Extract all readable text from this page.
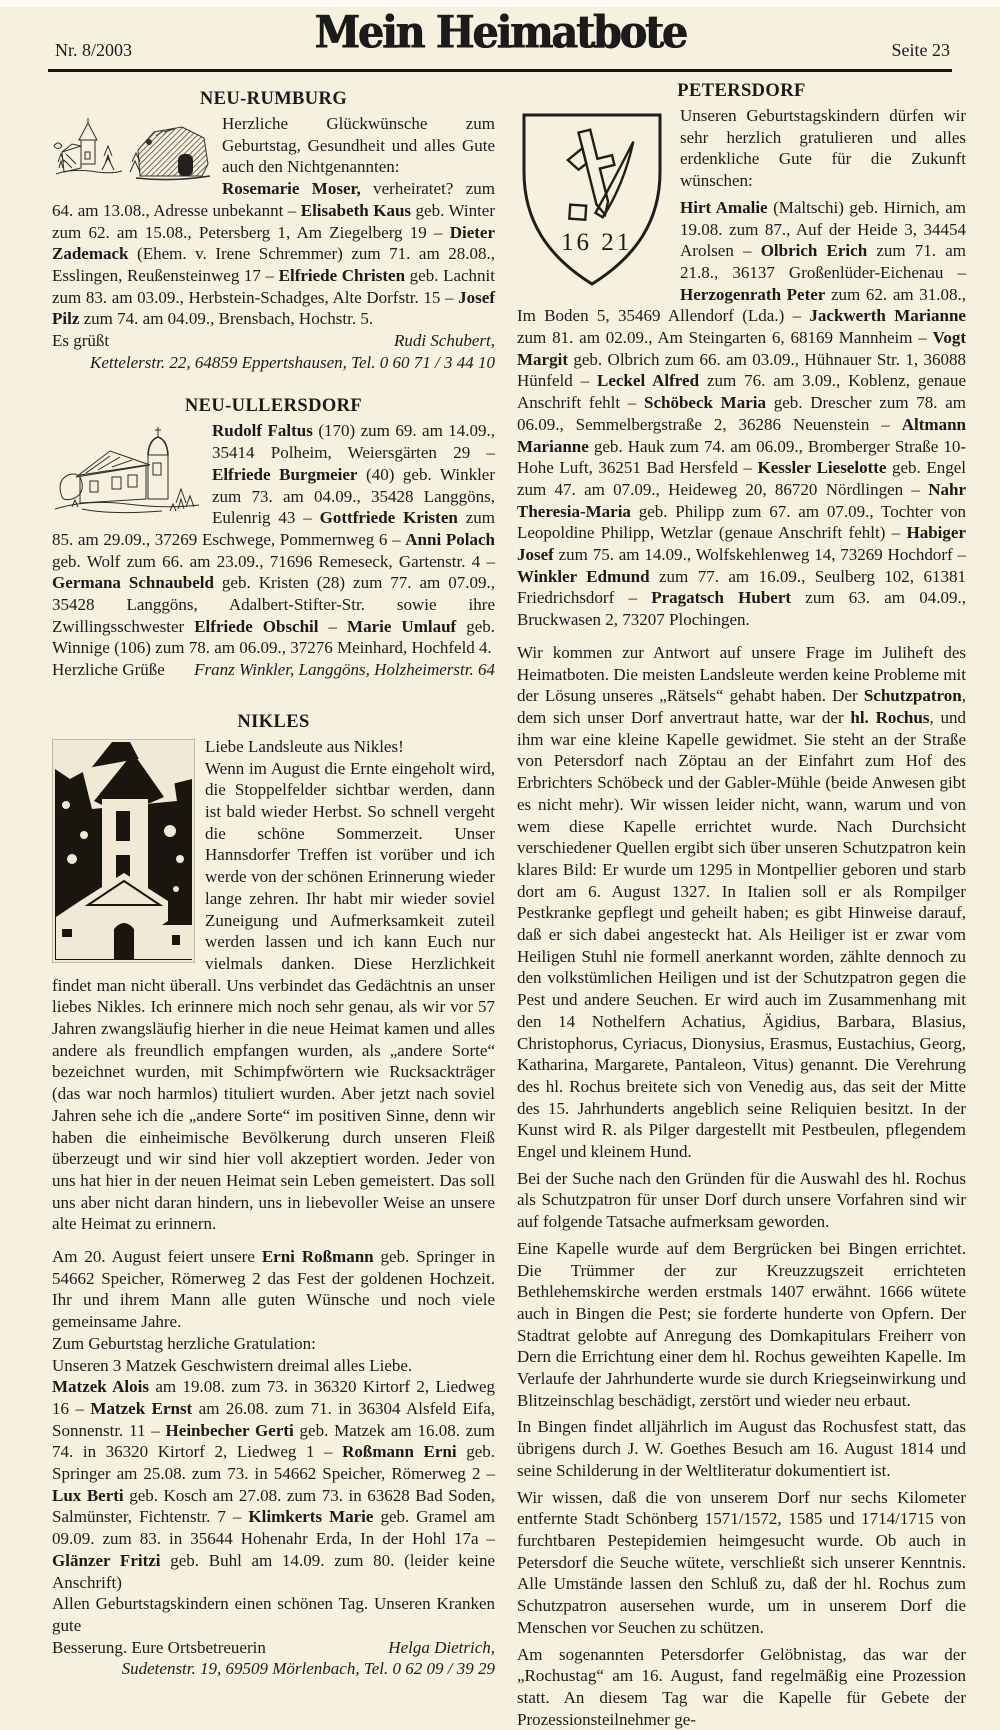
Nr. 8/2003	Mein Heimatbote	Seite 23
NEU-RUMBURG

Herzliche Glückwünsche zum Geburtstag, Gesundheit und alles Gute auch den Nichtgenannten:

Rosemarie Moser, verheiratet? zum 64. am 13.08., Adresse unbekannt – Elisabeth Kaus geb. Winter zum 62. am 15.08., Petersberg 1, Am Ziegelberg 19 – Dieter Zademack (Ehem. v. Irene Schremmer) zum 71. am 28.08., Esslingen, Reußensteinweg 17 – Elfriede Christen geb. Lachnit zum 83. am 03.09., Herbstein-Schadges, Alte Dorfstr. 15 – Josef Pilz zum 74. am 04.09., Brensbach, Hochstr. 5.

Es grüßt	Rudi Schubert,
Kettelerstr. 22, 64859 Eppertshausen, Tel. 0 60 71 / 3 44 10
NEU-ULLERSDORF

Rudolf Faltus (170) zum 69. am 14.09., 35414 Polheim, Weiersgärten 29 – Elfriede Burgmeier (40) geb. Winkler zum 73. am 04.09., 35428 Langgöns, Eulenrig 43 – Gottfriede Kristen zum 85. am 29.09., 37269 Eschwege, Pommernweg 6 – Anni Polach geb. Wolf zum 66. am 23.09., 71696 Remeseck, Gartenstr. 4 – Germana Schnaubeld geb. Kristen (28) zum 77. am 07.09., 35428 Langgöns, Adalbert-Stifter-Str. sowie ihre Zwillingsschwester Elfriede Obschil – Marie Umlauf geb. Winnige (106) zum 78. am 06.09., 37276 Meinhard, Hochfeld 4.

Herzliche Grüße Franz Winkler, Langgöns, Holzheimerstr. 64
NIKLES

Liebe Landsleute aus Nikles!

Wenn im August die Ernte eingeholt wird, die Stoppelfelder sichtbar werden, dann ist bald wieder Herbst. So schnell vergeht die schöne Sommerzeit. Unser Hannsdorfer Treffen ist vorüber und ich werde von der schönen Erinnerung wieder lange zehren. Ihr habt mir wieder soviel Zuneigung und Aufmerksamkeit zuteil werden lassen und ich kann Euch nur vielmals danken. Diese Herzlichkeit findet man nicht überall. Uns verbindet das Gedächtnis an unser liebes Nikles. Ich erinnere mich noch sehr genau, als wir vor 57 Jahren zwangsläufig hierher in die neue Heimat kamen und alles andere als freundlich empfangen wurden, als „andere Sorte“ bezeichnet wurden, mit Schimpfwörtern wie Rucksackträger (das war noch harmlos) tituliert wurden. Aber jetzt nach soviel Jahren sehe ich die „andere Sorte“ im positiven Sinne, denn wir haben die einheimische Bevölkerung durch unseren Fleiß überzeugt und wir sind hier voll akzeptiert worden. Jeder von uns hat hier in der neuen Heimat sein Leben gemeistert. Das soll uns aber nicht daran hindern, uns in liebevoller Weise an unsere alte Heimat zu erinnern.

Am 20. August feiert unsere Erni Roßmann geb. Springer in 54662 Speicher, Römerweg 2 das Fest der goldenen Hochzeit. Ihr und ihrem Mann alle guten Wünsche und noch viele gemeinsame Jahre.

Zum Geburtstag herzliche Gratulation:

Unseren 3 Matzek Geschwistern dreimal alles Liebe.

Matzek Alois am 19.08. zum 73. in 36320 Kirtorf 2, Liedweg 16 – Matzek Ernst am 26.08. zum 71. in 36304 Alsfeld Eifa, Sonnenstr. 11 – Heinbecher Gerti geb. Matzek am 16.08. zum 74. in 36320 Kirtorf 2, Liedweg 1 – Roßmann Erni geb. Springer am 25.08. zum 73. in 54662 Speicher, Römerweg 2 – Lux Berti geb. Kosch am 27.08. zum 73. in 63628 Bad Soden, Salmünster, Fichtenstr. 7 – Klimkerts Marie geb. Gramel am 09.09. zum 83. in 35644 Hohenahr Erda, In der Hohl 17a – Glänzer Fritzi geb. Buhl am 14.09. zum 80. (leider keine Anschrift)

Allen Geburtstagskindern einen schönen Tag. Unseren Kranken gute
Besserung. Eure Ortsbetreuerin	Helga Dietrich,
Sudetenstr. 19, 69509 Mörlenbach, Tel. 0 62 09 / 39 29
PETERSDORF
16 21

Unseren Geburtstagskindern dürfen wir sehr herzlich gratulieren und alles erdenkliche Gute für die Zukunft wünschen:

Hirt Amalie (Maltschi) geb. Hirnich, am 19.08. zum 87., Auf der Heide 3, 34454 Arolsen – Olbrich Erich zum 71. am 21.8., 36137 Großenlüder-Eichenau – Herzogenrath Peter zum 62. am 31.08., Im Boden 5, 35469 Allendorf (Lda.) – Jackwerth Marianne zum 81. am 02.09., Am Steingarten 6, 68169 Mannheim – Vogt Margit geb. Olbrich zum 66. am 03.09., Hühnauer Str. 1, 36088 Hünfeld – Leckel Alfred zum 76. am 3.09., Koblenz, genaue Anschrift fehlt – Schöbeck Maria geb. Drescher zum 78. am 06.09., Semmelbergstraße 2, 36286 Neuenstein – Altmann Marianne geb. Hauk zum 74. am 06.09., Bromberger Straße 10-Hohe Luft, 36251 Bad Hersfeld – Kessler Lieselotte geb. Engel zum 47. am 07.09., Heideweg 20, 86720 Nördlingen – Nahr Theresia-Maria geb. Philipp zum 67. am 07.09., Tochter von Leopoldine Philipp, Wetzlar (genaue Anschrift fehlt) – Habiger Josef zum 75. am 14.09., Wolfskehlenweg 14, 73269 Hochdorf – Winkler Edmund zum 77. am 16.09., Seulberg 102, 61381 Friedrichsdorf – Pragatsch Hubert zum 63. am 04.09., Bruckwasen 2, 73207 Plochingen.

Wir kommen zur Antwort auf unsere Frage im Juliheft des Heimatboten. Die meisten Landsleute werden keine Probleme mit der Lösung unseres „Rätsels“ gehabt haben. Der Schutzpatron, dem sich unser Dorf anvertraut hatte, war der hl. Rochus, und ihm war eine kleine Kapelle gewidmet. Sie steht an der Straße von Petersdorf nach Zöptau an der Einfahrt zum Hof des Erbrichters Schöbeck und der Gabler-Mühle (beide Anwesen gibt es nicht mehr). Wir wissen leider nicht, wann, warum und von wem diese Kapelle errichtet wurde. Nach Durchsicht verschiedener Quellen ergibt sich über unseren Schutzpatron kein klares Bild: Er wurde um 1295 in Montpellier geboren und starb dort am 6. August 1327. In Italien soll er als Rompilger Pestkranke gepflegt und geheilt haben; es gibt Hinweise darauf, daß er sich dabei angesteckt hat. Als Heiliger ist er zwar vom Heiligen Stuhl nie formell anerkannt worden, zählte dennoch zu den volkstümlichen Heiligen und ist der Schutzpatron gegen die Pest und andere Seuchen. Er wird auch im Zusammenhang mit den 14 Nothelfern Achatius, Ägidius, Barbara, Blasius, Christophorus, Cyriacus, Dionysius, Erasmus, Eustachius, Georg, Katharina, Margarete, Pantaleon, Vitus) genannt. Die Verehrung des hl. Rochus breitete sich von Venedig aus, das seit der Mitte des 15. Jahrhunderts angeblich seine Reliquien besitzt. In der Kunst wird R. als Pilger dargestellt mit Pestbeulen, pflegendem Engel und kleinem Hund.

Bei der Suche nach den Gründen für die Auswahl des hl. Rochus als Schutzpatron für unser Dorf durch unsere Vorfahren sind wir auf folgende Tatsache aufmerksam geworden.

Eine Kapelle wurde auf dem Bergrücken bei Bingen errichtet. Die Trümmer der zur Kreuzzugszeit errichteten Bethlehemskirche werden erstmals 1407 erwähnt. 1666 wütete auch in Bingen die Pest; sie forderte hunderte von Opfern. Der Stadtrat gelobte auf Anregung des Domkapitulars Freiherr von Dern die Errichtung einer dem hl. Rochus geweihten Kapelle. Im Verlaufe der Jahrhunderte wurde sie durch Kriegseinwirkung und Blitzeinschlag beschädigt, zerstört und wieder neu erbaut.

In Bingen findet alljährlich im August das Rochusfest statt, das übrigens durch J. W. Goethes Besuch am 16. August 1814 und seine Schilderung in der Weltliteratur dokumentiert ist.

Wir wissen, daß die von unserem Dorf nur sechs Kilometer entfernte Stadt Schönberg 1571/1572, 1585 und 1714/1715 von furchtbaren Pestepidemien heimgesucht wurde. Ob auch in Petersdorf die Seuche wütete, verschließt sich unserer Kenntnis. Alle Umstände lassen den Schluß zu, daß der hl. Rochus zum Schutzpatron ausersehen wurde, um in unserem Dorf die Menschen vor Seuchen zu schützen.

Am sogenannten Petersdorfer Gelöbnistag, das war der „Rochustag“ am 16. August, fand regelmäßig eine Prozession statt. An diesem Tag war die Kapelle für Gebete der Prozessionsteilnehmer ge-
